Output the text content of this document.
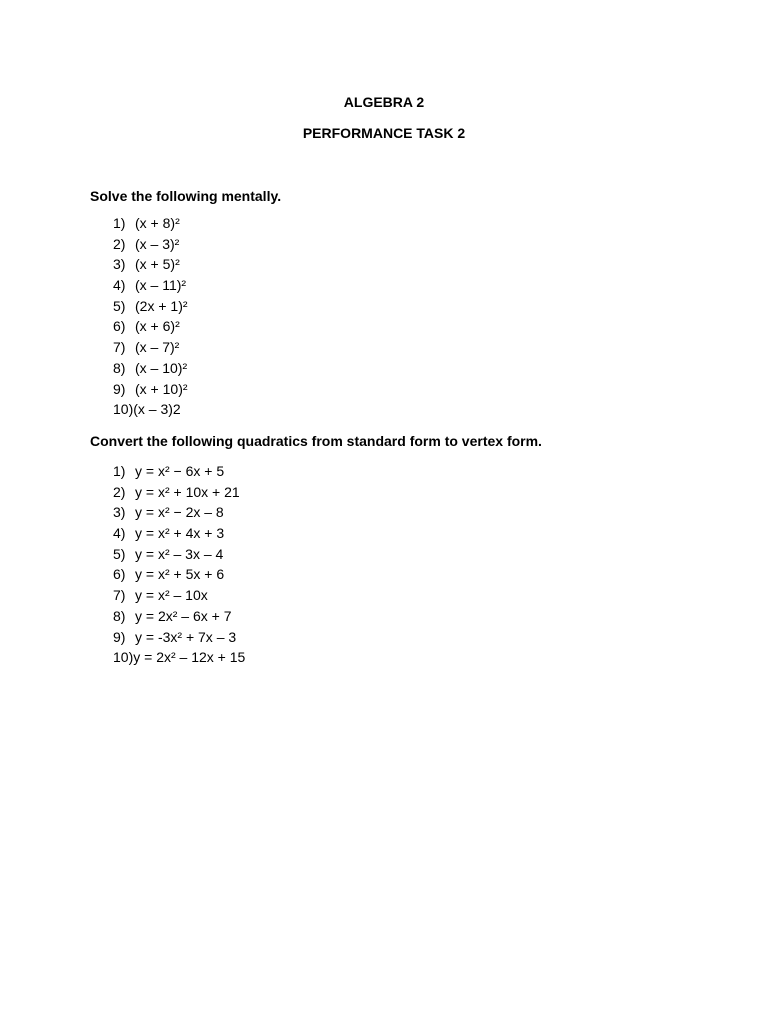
ALGEBRA 2
PERFORMANCE TASK 2
Solve the following mentally.
1) (x + 8)²
2) (x – 3)²
3) (x + 5)²
4) (x – 11)²
5) (2x + 1)²
6) (x + 6)²
7) (x – 7)²
8) (x – 10)²
9) (x + 10)²
10)(x – 3)2
Convert the following quadratics from standard form to vertex form.
1) y = x² − 6x + 5
2) y = x² + 10x + 21
3) y = x² − 2x – 8
4) y = x² + 4x + 3
5) y = x² – 3x – 4
6) y = x² + 5x + 6
7) y = x² – 10x
8) y = 2x² – 6x + 7
9) y = -3x² + 7x – 3
10)y = 2x² – 12x + 15
